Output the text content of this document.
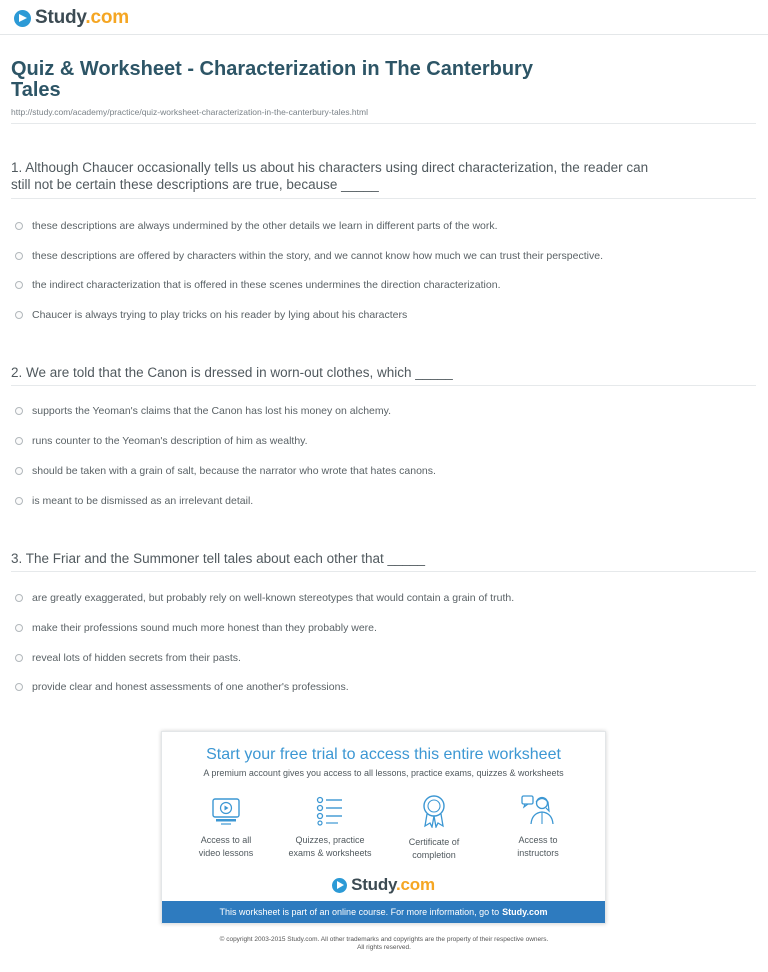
Study.com
Quiz & Worksheet - Characterization in The Canterbury Tales
http://study.com/academy/practice/quiz-worksheet-characterization-in-the-canterbury-tales.html
1. Although Chaucer occasionally tells us about his characters using direct characterization, the reader can still not be certain these descriptions are true, because _____
these descriptions are always undermined by the other details we learn in different parts of the work.
these descriptions are offered by characters within the story, and we cannot know how much we can trust their perspective.
the indirect characterization that is offered in these scenes undermines the direction characterization.
Chaucer is always trying to play tricks on his reader by lying about his characters
2. We are told that the Canon is dressed in worn-out clothes, which _____
supports the Yeoman's claims that the Canon has lost his money on alchemy.
runs counter to the Yeoman's description of him as wealthy.
should be taken with a grain of salt, because the narrator who wrote that hates canons.
is meant to be dismissed as an irrelevant detail.
3. The Friar and the Summoner tell tales about each other that _____
are greatly exaggerated, but probably rely on well-known stereotypes that would contain a grain of truth.
make their professions sound much more honest than they probably were.
reveal lots of hidden secrets from their pasts.
provide clear and honest assessments of one another's professions.
Start your free trial to access this entire worksheet
A premium account gives you access to all lessons, practice exams, quizzes & worksheets
Access to all
video lessons
Quizzes, practice
exams & worksheets
Certificate of
completion
Access to
instructors
Study.com
This worksheet is part of an online course. For more information, go to Study.com
© copyright 2003-2015 Study.com. All other trademarks and copyrights are the property of their respective owners.
All rights reserved.
